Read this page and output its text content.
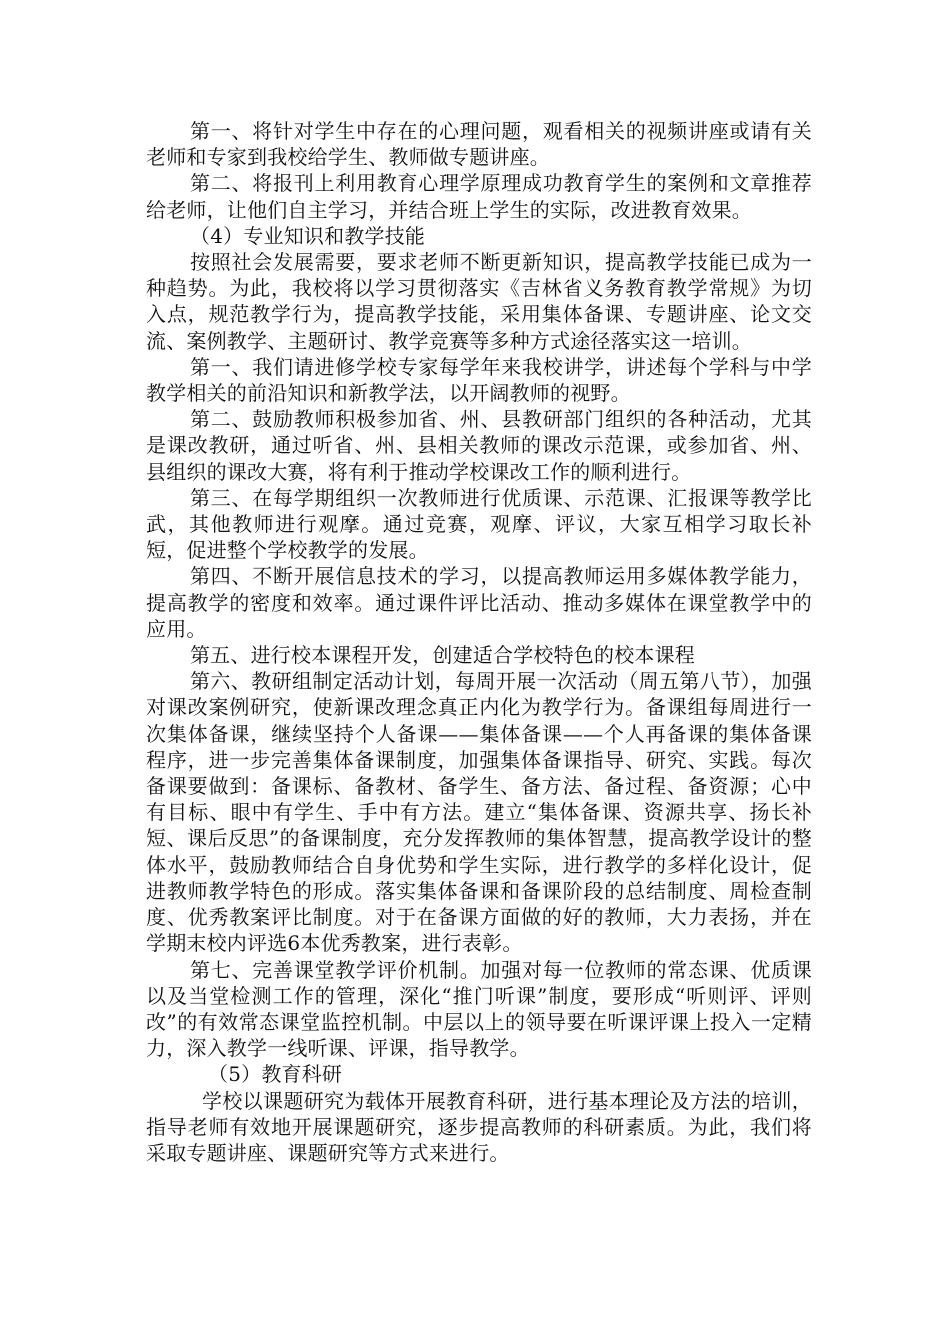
第一、将针对学生中存在的心理问题，观看相关的视频讲座或请有关老师和专家到我校给学生、教师做专题讲座。

第二、将报刊上利用教育心理学原理成功教育学生的案例和文章推荐给老师，让他们自主学习，并结合班上学生的实际，改进教育效果。

（4）专业知识和教学技能

按照社会发展需要，要求老师不断更新知识，提高教学技能已成为一种趋势。为此，我校将以学习贯彻落实《吉林省义务教育教学常规》为切入点，规范教学行为，提高教学技能，采用集体备课、专题讲座、论文交流、案例教学、主题研讨、教学竞赛等多种方式途径落实这一培训。

第一、我们请进修学校专家每学年来我校讲学，讲述每个学科与中学教学相关的前沿知识和新教学法，以开阔教师的视野。

第二、鼓励教师积极参加省、州、县教研部门组织的各种活动，尤其是课改教研，通过听省、州、县相关教师的课改示范课，或参加省、州、县组织的课改大赛，将有利于推动学校课改工作的顺利进行。

第三、在每学期组织一次教师进行优质课、示范课、汇报课等教学比武，其他教师进行观摩。通过竞赛，观摩、评议，大家互相学习取长补短，促进整个学校教学的发展。

第四、不断开展信息技术的学习，以提高教师运用多媒体教学能力，提高教学的密度和效率。通过课件评比活动、推动多媒体在课堂教学中的应用。

第五、进行校本课程开发，创建适合学校特色的校本课程

第六、教研组制定活动计划，每周开展一次活动（周五第八节），加强对课改案例研究，使新课改理念真正内化为教学行为。备课组每周进行一次集体备课，继续坚持个人备课——集体备课——个人再备课的集体备课程序，进一步完善集体备课制度，加强集体备课指导、研究、实践。每次备课要做到：备课标、备教材、备学生、备方法、备过程、备资源；心中有目标、眼中有学生、手中有方法。建立“集体备课、资源共享、扬长补短、课后反思”的备课制度，充分发挥教师的集体智慧，提高教学设计的整体水平，鼓励教师结合自身优势和学生实际，进行教学的多样化设计，促进教师教学特色的形成。落实集体备课和备课阶段的总结制度、周检查制度、优秀教案评比制度。对于在备课方面做的好的教师，大力表扬，并在学期末校内评选6本优秀教案，进行表彰。

第七、完善课堂教学评价机制。加强对每一位教师的常态课、优质课以及当堂检测工作的管理，深化“推门听课”制度，要形成“听则评、评则改”的有效常态课堂监控机制。中层以上的领导要在听课评课上投入一定精力，深入教学一线听课、评课，指导教学。

（5）教育科研

学校以课题研究为载体开展教育科研，进行基本理论及方法的培训，指导老师有效地开展课题研究，逐步提高教师的科研素质。为此，我们将采取专题讲座、课题研究等方式来进行。
